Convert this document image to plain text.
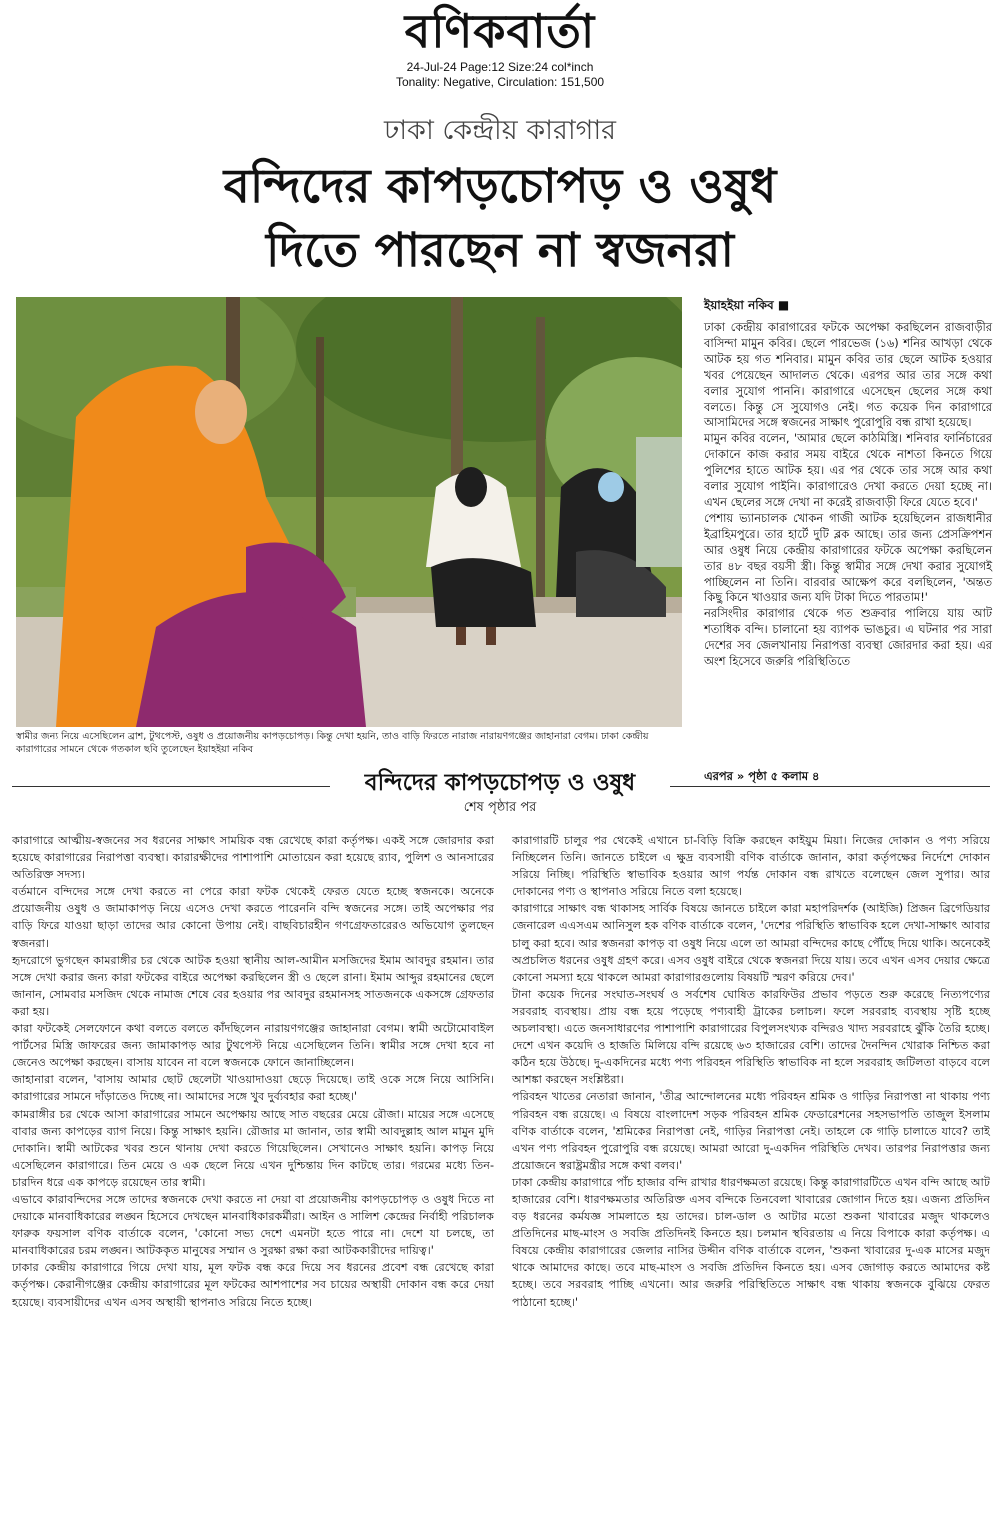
বণিকবার্তা
24-Jul-24 Page:12 Size:24 col*inch
Tonality: Negative, Circulation: 151,500
ঢাকা কেন্দ্রীয় কারাগার
বন্দিদের কাপড়চোপড় ও ওষুধ
দিতে পারছেন না স্বজনরা
স্বামীর জন্য নিয়ে এসেছিলেন ব্রাশ, টুথপেস্ট, ওষুধ ও প্রয়োজনীয় কাপড়চোপড়। কিন্তু দেখা হয়নি, তাও বাড়ি ফিরতে নারাজ নারায়ণগঞ্জের জাহানারা বেগম। ঢাকা কেন্দ্রীয় কারাগারের সামনে থেকে গতকাল ছবি তুলেছেন ইয়াহইয়া নকিব
ইয়াহইয়া নকিব ■

ঢাকা কেন্দ্রীয় কারাগারের ফটকে অপেক্ষা করছিলেন রাজবাড়ীর বাসিন্দা মামুন কবির। ছেলে পারভেজ (১৬) শনির আখড়া থেকে আটক হয় গত শনিবার। মামুন কবির তার ছেলে আটক হওয়ার খবর পেয়েছেন আদালত থেকে। এরপর আর তার সঙ্গে কথা বলার সুযোগ পাননি। কারাগারে এসেছেন ছেলের সঙ্গে কথা বলতে। কিন্তু সে সুযোগও নেই। গত কয়েক দিন কারাগারে আসামিদের সঙ্গে স্বজনের সাক্ষাৎ পুরোপুরি বন্ধ রাখা হয়েছে।

মামুন কবির বলেন, 'আমার ছেলে কাঠমিস্ত্রি। শনিবার ফার্নিচারের দোকানে কাজ করার সময় বাইরে থেকে নাশতা কিনতে গিয়ে পুলিশের হাতে আটক হয়। এর পর থেকে তার সঙ্গে আর কথা বলার সুযোগ পাইনি। কারাগারেও দেখা করতে দেয়া হচ্ছে না। এখন ছেলের সঙ্গে দেখা না করেই রাজবাড়ী ফিরে যেতে হবে।'

পেশায় ভ্যানচালক খোকন গাজী আটক হয়েছিলেন রাজধানীর ইব্রাহিমপুরে। তার হার্টে দুটি ব্লক আছে। তার জন্য প্রেসক্রিপশন আর ওষুধ নিয়ে কেন্দ্রীয় কারাগারের ফটকে অপেক্ষা করছিলেন তার ৪৮ বছর বয়সী স্ত্রী। কিন্তু স্বামীর সঙ্গে দেখা করার সুযোগই পাচ্ছিলেন না তিনি। বারবার আক্ষেপ করে বলছিলেন, 'অন্তত কিছু কিনে খাওয়ার জন্য যদি টাকা দিতে পারতাম!'

নরসিংদীর কারাগার থেকে গত শুক্রবার পালিয়ে যায় আট শতাধিক বন্দি। চালানো হয় ব্যাপক ভাঙচুর। এ ঘটনার পর সারা দেশের সব জেলখানায় নিরাপত্তা ব্যবস্থা জোরদার করা হয়। এর অংশ হিসেবে জরুরি পরিস্থিতিতে

এরপর » পৃষ্ঠা ৫ কলাম ৪
বন্দিদের কাপড়চোপড় ও ওষুধ
শেষ পৃষ্ঠার পর

কারাগারে আত্মীয়-স্বজনের সব ধরনের সাক্ষাৎ সাময়িক বন্ধ রেখেছে কারা কর্তৃপক্ষ। একই সঙ্গে জোরদার করা হয়েছে কারাগারের নিরাপত্তা ব্যবস্থা। কারারক্ষীদের পাশাপাশি মোতায়েন করা হয়েছে র‍্যাব, পুলিশ ও আনসারের অতিরিক্ত সদস্য।

বর্তমানে বন্দিদের সঙ্গে দেখা করতে না পেরে কারা ফটক থেকেই ফেরত যেতে হচ্ছে স্বজনকে। অনেকে প্রয়োজনীয় ওষুধ ও জামাকাপড় নিয়ে এসেও দেখা করতে পারেননি বন্দি স্বজনের সঙ্গে। তাই অপেক্ষার পর বাড়ি ফিরে যাওয়া ছাড়া তাদের আর কোনো উপায় নেই। বাছবিচারহীন গণগ্রেফতারেরও অভিযোগ তুলছেন স্বজনরা।

হৃদরোগে ভুগছেন কামরাঙ্গীর চর থেকে আটক হওয়া স্থানীয় আল-আমীন মসজিদের ইমাম আবদুর রহমান। তার সঙ্গে দেখা করার জন্য কারা ফটকের বাইরে অপেক্ষা করছিলেন স্ত্রী ও ছেলে রানা। ইমাম আব্দুর রহমানের ছেলে জানান, সোমবার মসজিদ থেকে নামাজ শেষে বের হওয়ার পর আবদুর রহমানসহ সাতজনকে একসঙ্গে গ্রেফতার করা হয়।

কারা ফটকেই সেলফোনে কথা বলতে বলতে কাঁদছিলেন নারায়ণগঞ্জের জাহানারা বেগম। স্বামী অটোমোবাইল পার্টসের মিস্ত্রি জাফরের জন্য জামাকাপড় আর টুথপেস্ট নিয়ে এসেছিলেন তিনি। স্বামীর সঙ্গে দেখা হবে না জেনেও অপেক্ষা করছেন। বাসায় যাবেন না বলে স্বজনকে ফোনে জানাচ্ছিলেন।

জাহানারা বলেন, 'বাসায় আমার ছোট ছেলেটা খাওয়াদাওয়া ছেড়ে দিয়েছে। তাই ওকে সঙ্গে নিয়ে আসিনি। কারাগারের সামনে দাঁড়াতেও দিচ্ছে না। আমাদের সঙ্গে খুব দুর্ব্যবহার করা হচ্ছে।'

কামরাঙ্গীর চর থেকে আসা কারাগারের সামনে অপেক্ষায় আছে সাত বছরের মেয়ে রৌজা। মায়ের সঙ্গে এসেছে বাবার জন্য কাপড়ের ব্যাগ নিয়ে। কিন্তু সাক্ষাৎ হয়নি। রৌজার মা জানান, তার স্বামী আবদুল্লাহ আল মামুন মুদি দোকানি। স্বামী আটকের খবর শুনে থানায় দেখা করতে গিয়েছিলেন। সেখানেও সাক্ষাৎ হয়নি। কাপড় নিয়ে এসেছিলেন কারাগারে। তিন মেয়ে ও এক ছেলে নিয়ে এখন দুশ্চিন্তায় দিন কাটছে তার। গরমের মধ্যে তিন-চারদিন ধরে এক কাপড়ে রয়েছেন তার স্বামী।

এভাবে কারাবন্দিদের সঙ্গে তাদের স্বজনকে দেখা করতে না দেয়া বা প্রয়োজনীয় কাপড়চোপড় ও ওষুধ দিতে না দেয়াকে মানবাধিকারের লঙ্ঘন হিসেবে দেখছেন মানবাধিকারকর্মীরা। আইন ও সালিশ কেন্দ্রের নির্বাহী পরিচালক ফারুক ফয়সাল বণিক বার্তাকে বলেন, 'কোনো সভ্য দেশে এমনটা হতে পারে না। দেশে যা চলছে, তা মানবাধিকারের চরম লঙ্ঘন। আটককৃত মানুষের সম্মান ও সুরক্ষা রক্ষা করা আটককারীদের দায়িত্ব।'

ঢাকার কেন্দ্রীয় কারাগারে গিয়ে দেখা যায়, মূল ফটক বন্ধ করে দিয়ে সব ধরনের প্রবেশ বন্ধ রেখেছে কারা কর্তৃপক্ষ। কেরানীগঞ্জের কেন্দ্রীয় কারাগারের মূল ফটকের আশপাশের সব চায়ের অস্থায়ী দোকান বন্ধ করে দেয়া হয়েছে। ব্যবসায়ীদের এখন এসব অস্থায়ী স্থাপনাও সরিয়ে নিতে হচ্ছে।

কারাগারটি চালুর পর থেকেই এখানে চা-বিড়ি বিক্রি করছেন কাইয়ুম মিয়া। নিজের দোকান ও পণ্য সরিয়ে নিচ্ছিলেন তিনি। জানতে চাইলে এ ক্ষুদ্র ব্যবসায়ী বণিক বার্তাকে জানান, কারা কর্তৃপক্ষের নির্দেশে দোকান সরিয়ে নিচ্ছি। পরিস্থিতি স্বাভাবিক হওয়ার আগ পর্যন্ত দোকান বন্ধ রাখতে বলেছেন জেল সুপার। আর দোকানের পণ্য ও স্থাপনাও সরিয়ে নিতে বলা হয়েছে।

কারাগারে সাক্ষাৎ বন্ধ থাকাসহ সার্বিক বিষয়ে জানতে চাইলে কারা মহাপরিদর্শক (আইজি) প্রিজন ব্রিগেডিয়ার জেনারেল এএসএম আনিসুল হক বণিক বার্তাকে বলেন, 'দেশের পরিস্থিতি স্বাভাবিক হলে দেখা-সাক্ষাৎ আবার চালু করা হবে। আর স্বজনরা কাপড় বা ওষুধ নিয়ে এলে তা আমরা বন্দিদের কাছে পৌঁছে দিয়ে থাকি। অনেকেই অপ্রচলিত ধরনের ওষুধ গ্রহণ করে। এসব ওষুধ বাইরে থেকে স্বজনরা দিয়ে যায়। তবে এখন এসব দেয়ার ক্ষেত্রে কোনো সমস্যা হয়ে থাকলে আমরা কারাগারগুলোয় বিষয়টি স্মরণ করিয়ে দেব।'

টানা কয়েক দিনের সংঘাত-সংঘর্ষ ও সর্বশেষ ঘোষিত কারফিউর প্রভাব পড়তে শুরু করেছে নিত্যপণ্যের সরবরাহ ব্যবস্থায়। প্রায় বন্ধ হয়ে পড়েছে পণ্যবাহী ট্রাকের চলাচল। ফলে সরবরাহ ব্যবস্থায় সৃষ্টি হচ্ছে অচলাবস্থা। এতে জনসাধারণের পাশাপাশি কারাগারের বিপুলসংখ্যক বন্দিরও খাদ্য সরবরাহে ঝুঁকি তৈরি হচ্ছে। দেশে এখন কয়েদি ও হাজতি মিলিয়ে বন্দি রয়েছে ৬৩ হাজারের বেশি। তাদের দৈনন্দিন খোরাক নিশ্চিত করা কঠিন হয়ে উঠছে। দু-একদিনের মধ্যে পণ্য পরিবহন পরিস্থিতি স্বাভাবিক না হলে সরবরাহ জটিলতা বাড়বে বলে আশঙ্কা করছেন সংশ্লিষ্টরা।

পরিবহন খাতের নেতারা জানান, 'তীব্র আন্দোলনের মধ্যে পরিবহন শ্রমিক ও গাড়ির নিরাপত্তা না থাকায় পণ্য পরিবহন বন্ধ রয়েছে। এ বিষয়ে বাংলাদেশ সড়ক পরিবহন শ্রমিক ফেডারেশনের সহসভাপতি তাজুল ইসলাম বণিক বার্তাকে বলেন, 'শ্রমিকের নিরাপত্তা নেই, গাড়ির নিরাপত্তা নেই। তাহলে কে গাড়ি চালাতে যাবে? তাই এখন পণ্য পরিবহন পুরোপুরি বন্ধ রয়েছে। আমরা আরো দু-একদিন পরিস্থিতি দেখব। তারপর নিরাপত্তার জন্য প্রয়োজনে স্বরাষ্ট্রমন্ত্রীর সঙ্গে কথা বলব।'

ঢাকা কেন্দ্রীয় কারাগারে পাঁচ হাজার বন্দি রাখার ধারণক্ষমতা রয়েছে। কিন্তু কারাগারটিতে এখন বন্দি আছে আট হাজারের বেশি। ধারণক্ষমতার অতিরিক্ত এসব বন্দিকে তিনবেলা খাবারের জোগান দিতে হয়। এজন্য প্রতিদিন বড় ধরনের কর্মযজ্ঞ সামলাতে হয় তাদের। চাল-ডাল ও আটার মতো শুকনা খাবারের মজুদ থাকলেও প্রতিদিনের মাছ-মাংস ও সবজি প্রতিদিনই কিনতে হয়। চলমান স্থবিরতায় এ নিয়ে বিপাকে কারা কর্তৃপক্ষ। এ বিষয়ে কেন্দ্রীয় কারাগারের জেলার নাসির উদ্দীন বণিক বার্তাকে বলেন, 'শুকনা খাবারের দু-এক মাসের মজুদ থাকে আমাদের কাছে। তবে মাছ-মাংস ও সবজি প্রতিদিন কিনতে হয়। এসব জোগাড় করতে আমাদের কষ্ট হচ্ছে। তবে সরবরাহ পাচ্ছি এখনো। আর জরুরি পরিস্থিতিতে সাক্ষাৎ বন্ধ থাকায় স্বজনকে বুঝিয়ে ফেরত পাঠানো হচ্ছে।'
